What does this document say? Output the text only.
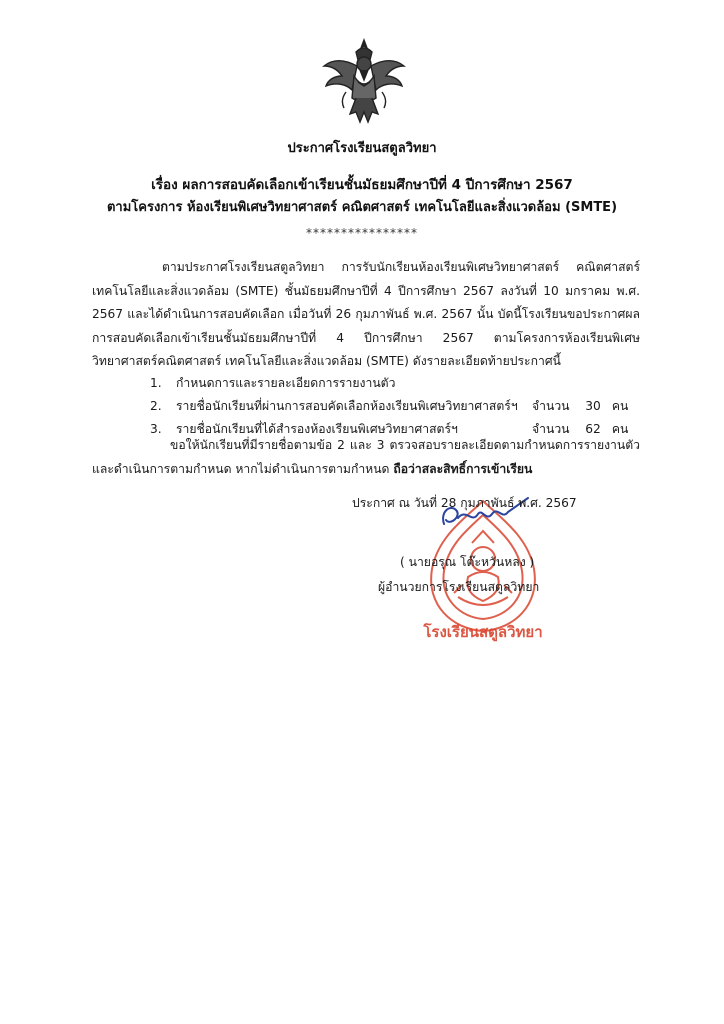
ประกาศโรงเรียนสตูลวิทยา
เรื่อง ผลการสอบคัดเลือกเข้าเรียนชั้นมัธยมศึกษาปีที่ 4 ปีการศึกษา 2567
ตามโครงการ ห้องเรียนพิเศษวิทยาศาสตร์ คณิตศาสตร์ เทคโนโลยีและสิ่งแวดล้อม (SMTE)
****************
ตามประกาศโรงเรียนสตูลวิทยา การรับนักเรียนห้องเรียนพิเศษวิทยาศาสตร์ คณิตศาสตร์ เทคโนโลยีและสิ่งแวดล้อม (SMTE) ชั้นมัธยมศึกษาปีที่ 4 ปีการศึกษา 2567 ลงวันที่ 10 มกราคม พ.ศ. 2567 และได้ดำเนินการสอบคัดเลือก เมื่อวันที่ 26 กุมภาพันธ์ พ.ศ. 2567 นั้น บัดนี้โรงเรียนขอประกาศผลการสอบคัดเลือกเข้าเรียนชั้นมัธยมศึกษาปีที่ 4 ปีการศึกษา 2567 ตามโครงการห้องเรียนพิเศษวิทยาศาสตร์คณิตศาสตร์ เทคโนโลยีและสิ่งแวดล้อม (SMTE) ดังรายละเอียดท้ายประกาศนี้
1.	กำหนดการและรายละเอียดการรายงานตัว
2.	รายชื่อนักเรียนที่ผ่านการสอบคัดเลือกห้องเรียนพิเศษวิทยาศาสตร์ฯ จำนวน 30 คน
3.	รายชื่อนักเรียนที่ได้สำรองห้องเรียนพิเศษวิทยาศาสตร์ฯ	จำนวน 62 คน
ขอให้นักเรียนที่มีรายชื่อตามข้อ 2 และ 3 ตรวจสอบรายละเอียดตามกำหนดการรายงานตัว และดำเนินการตามกำหนด หากไม่ดำเนินการตามกำหนด ถือว่าสละสิทธิ์การเข้าเรียน
โรงเรียนสตูลวิทยา
ประกาศ ณ วันที่ 28 กุมภาพันธ์ พ.ศ. 2567
( นายอรุณ โต๊ะหวันหลง )
ผู้อำนวยการโรงเรียนสตูลวิทยา
